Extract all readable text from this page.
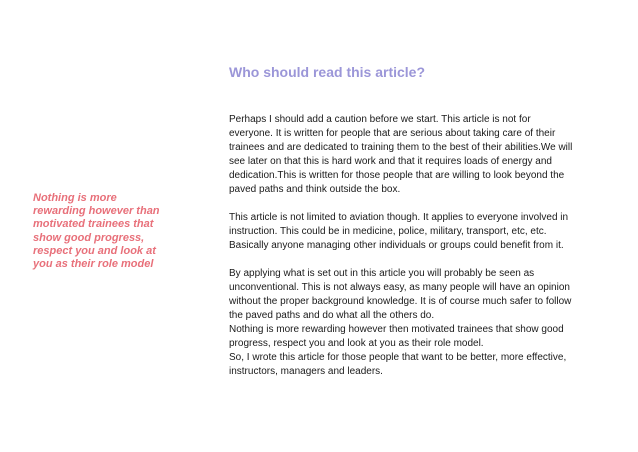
Who should read this article?
Nothing is more
rewarding however than
motivated trainees that
show good progress,
respect you and look at
you as their role model

Perhaps I should add a caution before we start. This article is not for
everyone. It is written for people that are serious about taking care of their
trainees and are dedicated to training them to the best of their abilities.We will
see later on that this is hard work and that it requires loads of energy and
dedication.This is written for those people that are willing to look beyond the
paved paths and think outside the box.

This article is not limited to aviation though. It applies to everyone involved in
instruction. This could be in medicine, police, military, transport, etc, etc.
Basically anyone managing other individuals or groups could benefit from it.

By applying what is set out in this article you will probably be seen as
unconventional. This is not always easy, as many people will have an opinion
without the proper background knowledge. It is of course much safer to follow
the paved paths and do what all the others do.
Nothing is more rewarding however then motivated trainees that show good
progress, respect you and look at you as their role model.
So, I wrote this article for those people that want to be better, more effective,
instructors, managers and leaders.
